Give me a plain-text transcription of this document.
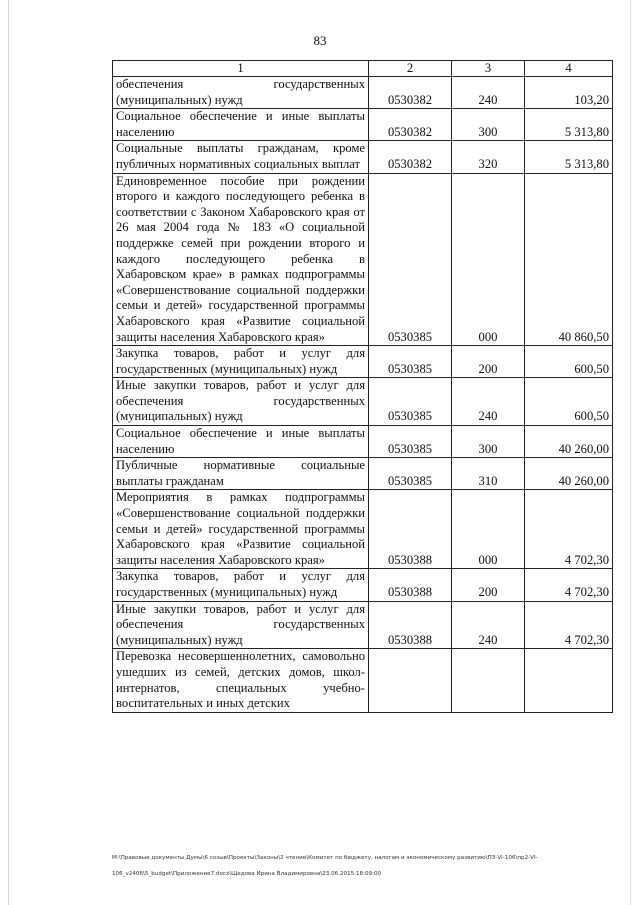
83
1	2	3	4
обеспечения государственных (муниципальных) нужд	0530382	240	103,20
Социальное обеспечение и иные выплаты населению	0530382	300	5 313,80
Социальные выплаты гражданам, кроме публичных нормативных социальных выплат	0530382	320	5 313,80
Единовременное пособие при рождении второго и каждого последующего ребенка в соответствии с Законом Хабаровского края от 26 мая 2004 года № 183 «О социальной поддержке семей при рождении второго и каждого последующего ребенка в Хабаровском крае» в рамках подпрограммы «Совершенствование социальной поддержки семьи и детей» государственной программы Хабаровского края «Развитие социальной защиты населения Хабаровского края»	0530385	000	40 860,50
Закупка товаров, работ и услуг для государственных (муниципальных) нужд	0530385	200	600,50
Иные закупки товаров, работ и услуг для обеспечения государственных (муниципальных) нужд	0530385	240	600,50
Социальное обеспечение и иные выплаты населению	0530385	300	40 260,00
Публичные нормативные социальные выплаты гражданам	0530385	310	40 260,00
Мероприятия в рамках подпрограммы «Совершенствование социальной поддержки семьи и детей» государственной программы Хабаровского края «Развитие социальной защиты населения Хабаровского края»	0530388	000	4 702,30
Закупка товаров, работ и услуг для государственных (муниципальных) нужд	0530388	200	4 702,30
Иные закупки товаров, работ и услуг для обеспечения государственных (муниципальных) нужд	0530388	240	4 702,30
Перевозка несовершеннолетних, самовольно ушедших из семей, детских домов, школ-интернатов, специальных учебно-воспитательных и иных детских			

М:\Правовые документы Думы\6 созыв\Проекты\Законы\2 чтение\Комитет по бюджету, налогам и экономическому развитию\ПЗ-VI-106\пр2-VI-

106_v2406\5_budget\Приложение7.docx\Щедова Ирина Владимировна\23.06.2015 18:09:00
